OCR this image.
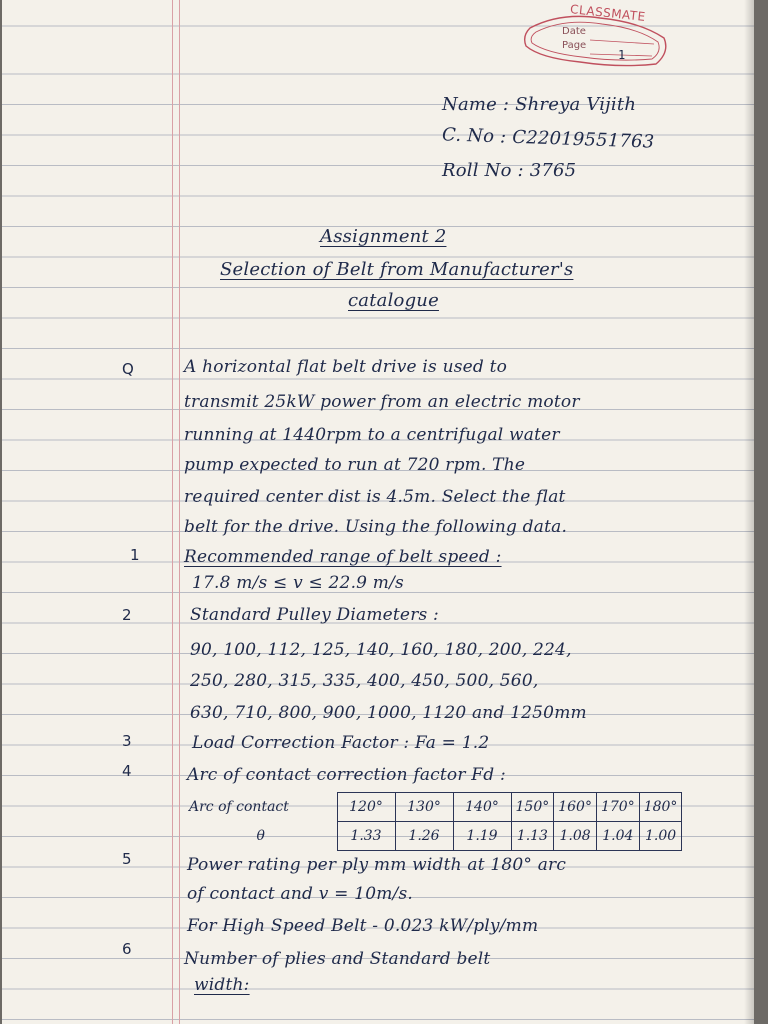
CLASSMATE
Date
Page
1
Name : Shreya Vijith
C. No : C22019551763
Roll No : 3765
Assignment 2
Selection of Belt from Manufacturer's
catalogue
Q	A horizontal flat belt drive is used to
transmit 25kW power from an electric motor
running at 1440rpm to a centrifugal water
pump expected to run at 720 rpm. The
required center dist is 4.5m. Select the flat
belt for the drive. Using the following data.
1	Recommended range of belt speed :
17.8 m/s ≤ v ≤ 22.9 m/s
2	Standard Pulley Diameters :
90, 100, 112, 125, 140, 160, 180, 200, 224,
250, 280, 315, 335, 400, 450, 500, 560,
630, 710, 800, 900, 1000, 1120 and 1250mm
3	Load Correction Factor : Fa = 1.2
4	Arc of contact correction factor Fd :
Arc of contact	120°	130°	140°	150°	160°	170°	180°
θ	1.33	1.26	1.19	1.13	1.08	1.04	1.00
5	Power rating per ply mm width at 180° arc
of contact and v = 10m/s.
For High Speed Belt - 0.023 kW/ply/mm
6	Number of plies and Standard belt
width:
